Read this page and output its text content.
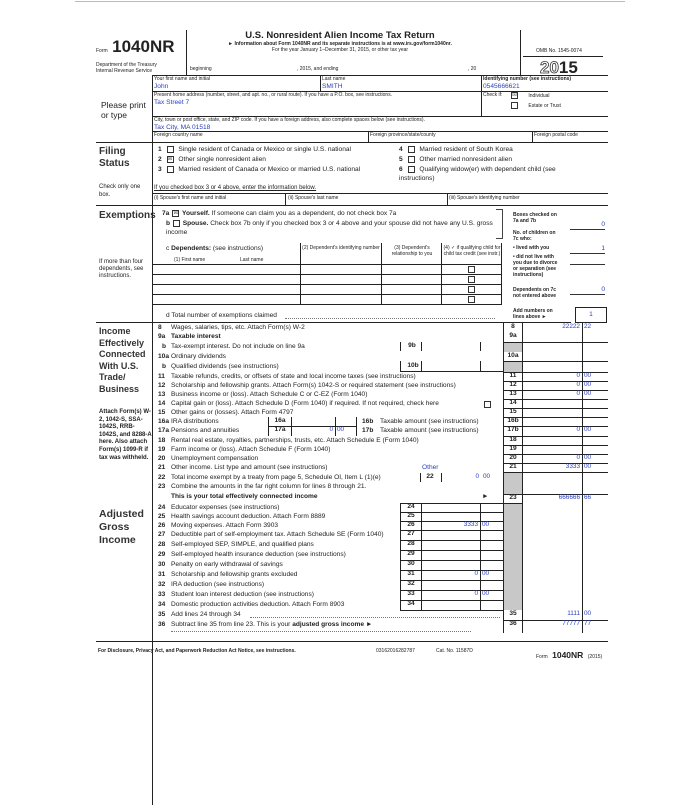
Form 1040NR
Department of the Treasury
Internal Revenue Service
U.S. Nonresident Alien Income Tax Return
► Information about Form 1040NR and its separate instructions is at www.irs.gov/form1040nr.
For the year January 1–December 31, 2015, or other tax year	OMB No. 1545-0074
2015
beginning	, 2015, and ending	, 20
Your first name and initial
John
Last name
SMITH
Identifying number (see instructions)
0545666621
Please print
or type
Present home address (number, street, and apt. no., or rural route). If you have a P.O. box, see instructions.
Tax Street 7
Check if:	☒ Individual
Estate or Trust
City, town or post office, state, and ZIP code. If you have a foreign address, also complete spaces below (see instructions).
Tax City, MA 01518
Foreign country name	Foreign province/state/county	Foreign postal code
Filing
Status
Check only one
box.
1	Single resident of Canada or Mexico or single U.S. national
2 ☒ Other single nonresident alien
3	Married resident of Canada or Mexico or married U.S. national
4	Married resident of South Korea
5	Other married nonresident alien
6	Qualifying widow(er) with dependent child (see instructions)
If you checked box 3 or 4 above, enter the information below.
(i) Spouse's first name and initial	(ii) Spouse's last name	(iii) Spouse's identifying number
Exemptions 7a ☒ Yourself. If someone can claim you as a dependent, do not check box 7a
b Spouse. Check box 7b only if you checked box 3 or 4 above and your spouse did not have any U.S. gross income
c Dependents: (see instructions)
(1) First name	Last name
(2) Dependent's identifying number	(3) Dependent's relationship to you
(4) ✓ if qualifying child for child tax credit (see instr.)
If more than four dependents, see instructions.
d Total number of exemptions claimed
Boxes checked on 7a and 7b	0
No. of children on 7c who:
• lived with you	1
• did not live with you due to divorce or separation (see instructions)
Dependents on 7c not entered above
0
Add numbers on lines above ►	1
Income
Effectively
Connected
With U.S.
Trade/
Business
Attach Form(s) W-2, 1042-S, SSA-1042S, RRB-1042S, and 8288-A here. Also attach Form(s) 1099-R if tax was withheld.
8 Wages, salaries, tips, etc. Attach Form(s) W-2	8	22222 22
9a Taxable interest	9a
b Tax-exempt interest. Do not include on line 9a	9b
10a Ordinary dividends	10a
b Qualified dividends (see instructions)	10b
11 Taxable refunds, credits, or offsets of state and local income taxes (see instructions)	11	0 00
12 Scholarship and fellowship grants. Attach Form(s) 1042-S or required statement (see instructions)	12	0 00
13 Business income or (loss). Attach Schedule C or C-EZ (Form 1040)	13	0 00
14 Capital gain or (loss). Attach Schedule D (Form 1040) if required. If not required, check here	14
15 Other gains or (losses). Attach Form 4797	15
16a IRA distributions	16a	16b Taxable amount (see instructions)	16b
17a Pensions and annuities	17a	0 00	17b Taxable amount (see instructions)	17b	0 00
18 Rental real estate, royalties, partnerships, trusts, etc. Attach Schedule E (Form 1040)	18
19 Farm income or (loss). Attach Schedule F (Form 1040)	19
20 Unemployment compensation	20	0 00
21 Other income. List type and amount (see instructions)	Other	21	3333 00
22 Total income exempt by a treaty from page 5, Schedule OI, Item L (1)(e)	22	0 00
23 Combine the amounts in the far right column for lines 8 through 21.
This is your total effectively connected income	►	23	666666 66
Adjusted
Gross
Income
24 Educator expenses (see instructions)	24
25 Health savings account deduction. Attach Form 8889	25
26 Moving expenses. Attach Form 3903	26	3333 00
27 Deductible part of self-employment tax. Attach Schedule SE (Form 1040)	27
28 Self-employed SEP, SIMPLE, and qualified plans	28
29 Self-employed health insurance deduction (see instructions)	29
30 Penalty on early withdrawal of savings	30
31 Scholarship and fellowship grants excluded	31	0 00
32 IRA deduction (see instructions)	32
33 Student loan interest deduction (see instructions)	33	0 00
34 Domestic production activities deduction. Attach Form 8903	34
35 Add lines 24 through 34	35	1111 00
36 Subtract line 35 from line 23. This is your adjusted gross income ►	36	77777 77
For Disclosure, Privacy Act, and Paperwork Reduction Act Notice, see instructions.	03162016282787	Cat. No. 11587D
Form 1040NR (2015)
